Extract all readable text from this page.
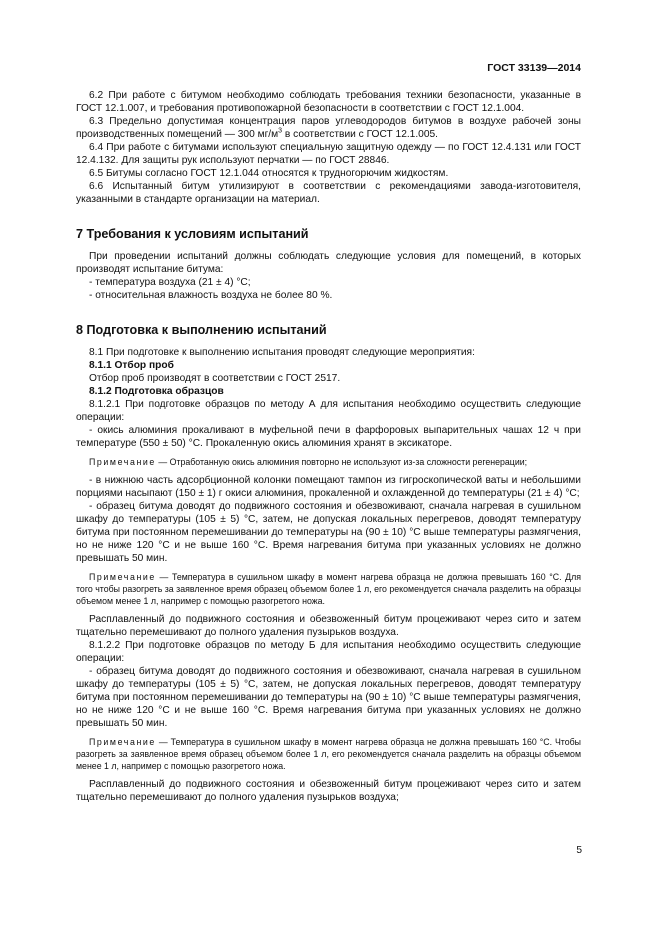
ГОСТ 33139—2014

6.2 При работе с битумом необходимо соблюдать требования техники безопасности, указанные в ГОСТ 12.1.007, и требования противопожарной безопасности в соответствии с ГОСТ 12.1.004.

6.3 Предельно допустимая концентрация паров углеводородов битумов в воздухе рабочей зоны производственных помещений — 300 $мг/м^3$ в соответствии с ГОСТ 12.1.005.

6.4 При работе с битумами используют специальную защитную одежду — по ГОСТ 12.4.131 или ГОСТ 12.4.132. Для защиты рук используют перчатки — по ГОСТ 28846.

6.5 Битумы согласно ГОСТ 12.1.044 относятся к трудногорючим жидкостям.

6.6 Испытанный битум утилизируют в соответствии с рекомендациями завода-изготовителя, указанными в стандарте организации на материал.

7 Требования к условиям испытаний

При проведении испытаний должны соблюдать следующие условия для помещений, в которых производят испытание битума:

- температура воздуха (21 ± 4) °С;

- относительная влажность воздуха не более 80 %.

8 Подготовка к выполнению испытаний

8.1 При подготовке к выполнению испытания проводят следующие мероприятия:

8.1.1 Отбор проб

Отбор проб производят в соответствии с ГОСТ 2517.

8.1.2 Подготовка образцов

8.1.2.1 При подготовке образцов по методу А для испытания необходимо осуществить следующие операции:

- окись алюминия прокаливают в муфельной печи в фарфоровых выпарительных чашах 12 ч при температуре (550 ± 50) °С. Прокаленную окись алюминия хранят в эксикаторе.

Примечание — Отработанную окись алюминия повторно не используют из-за сложности регенерации;

- в нижнюю часть адсорбционной колонки помещают тампон из гигроскопической ваты и небольшими порциями насыпают (150 ± 1) г окиси алюминия, прокаленной и охлажденной до температуры (21 ± 4) °С;

- образец битума доводят до подвижного состояния и обезвоживают, сначала нагревая в сушильном шкафу до температуры (105 ± 5) °С, затем, не допуская локальных перегревов, доводят температуру битума при постоянном перемешивании до температуры на (90 ± 10) °С выше температуры размягчения, но не ниже 120 °С и не выше 160 °С. Время нагревания битума при указанных условиях не должно превышать 50 мин.

Примечание — Температура в сушильном шкафу в момент нагрева образца не должна превышать 160 °С. Для того чтобы разогреть за заявленное время образец объемом более 1 л, его рекомендуется сначала разделить на образцы объемом менее 1 л, например с помощью разогретого ножа.

Расплавленный до подвижного состояния и обезвоженный битум процеживают через сито и затем тщательно перемешивают до полного удаления пузырьков воздуха.

8.1.2.2 При подготовке образцов по методу Б для испытания необходимо осуществить следующие операции:

- образец битума доводят до подвижного состояния и обезвоживают, сначала нагревая в сушильном шкафу до температуры (105 ± 5) °С, затем, не допуская локальных перегревов, доводят температуру битума при постоянном перемешивании до температуры на (90 ± 10) °С выше температуры размягчения, но не ниже 120 °С и не выше 160 °С. Время нагревания битума при указанных условиях не должно превышать 50 мин.

Примечание — Температура в сушильном шкафу в момент нагрева образца не должна превышать 160 °С. Чтобы разогреть за заявленное время образец объемом более 1 л, его рекомендуется сначала разделить на образцы объемом менее 1 л, например с помощью разогретого ножа.

Расплавленный до подвижного состояния и обезвоженный битум процеживают через сито и затем тщательно перемешивают до полного удаления пузырьков воздуха;

5
